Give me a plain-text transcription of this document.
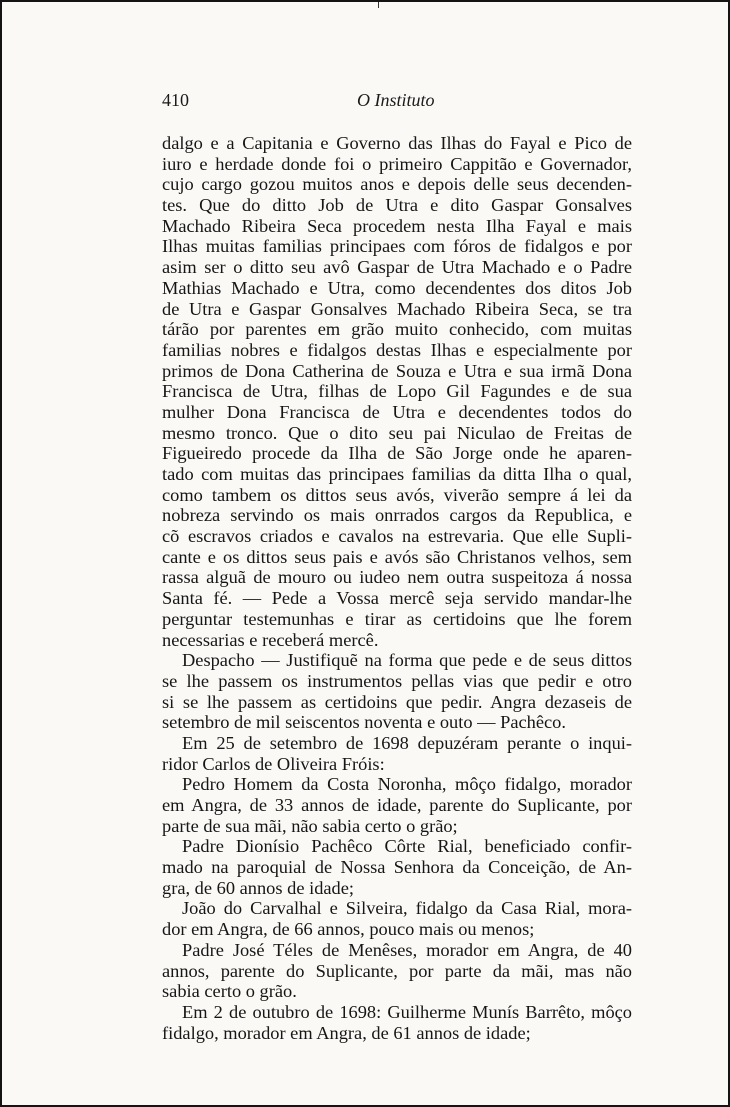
410	O Instituto
dalgo e a Capitania e Governo das Ilhas do Fayal e Pico de
iuro e herdade donde foi o primeiro Cappitão e Governador,
cujo cargo gozou muitos anos e depois delle seus decenden-
tes. Que do ditto Job de Utra e dito Gaspar Gonsalves
Machado Ribeira Seca procedem nesta Ilha Fayal e mais
Ilhas muitas familias principaes com fóros de fidalgos e por
asim ser o ditto seu avô Gaspar de Utra Machado e o Padre
Mathias Machado e Utra, como decendentes dos ditos Job
de Utra e Gaspar Gonsalves Machado Ribeira Seca, se tra
tárão por parentes em grão muito conhecido, com muitas
familias nobres e fidalgos destas Ilhas e especialmente por
primos de Dona Catherina de Souza e Utra e sua irmã Dona
Francisca de Utra, filhas de Lopo Gil Fagundes e de sua
mulher Dona Francisca de Utra e decendentes todos do
mesmo tronco. Que o dito seu pai Niculao de Freitas de
Figueiredo procede da Ilha de São Jorge onde he aparen-
tado com muitas das principaes familias da ditta Ilha o qual,
como tambem os dittos seus avós, viverão sempre á lei da
nobreza servindo os mais onrrados cargos da Republica, e
cõ escravos criados e cavalos na estrevaria. Que elle Supli-
cante e os dittos seus pais e avós são Christanos velhos, sem
rassa alguã de mouro ou iudeo nem outra suspeitoza á nossa
Santa fé. — Pede a Vossa mercê seja servido mandar-lhe
perguntar testemunhas e tirar as certidoins que lhe forem
necessarias e receberá mercê.
Despacho — Justifiquẽ na forma que pede e de seus dittos
se lhe passem os instrumentos pellas vias que pedir e otro
si se lhe passem as certidoins que pedir. Angra dezaseis de
setembro de mil seiscentos noventa e outo — Pachêco.
Em 25 de setembro de 1698 depuzéram perante o inqui-
ridor Carlos de Oliveira Fróis:
Pedro Homem da Costa Noronha, môço fidalgo, morador
em Angra, de 33 annos de idade, parente do Suplicante, por
parte de sua mãi, não sabia certo o grão;
Padre Dionísio Pachêco Côrte Rial, beneficiado confir-
mado na paroquial de Nossa Senhora da Conceição, de An-
gra, de 60 annos de idade;
João do Carvalhal e Silveira, fidalgo da Casa Rial, mora-
dor em Angra, de 66 annos, pouco mais ou menos;
Padre José Téles de Menêses, morador em Angra, de 40
annos, parente do Suplicante, por parte da mãi, mas não
sabia certo o grão.
Em 2 de outubro de 1698: Guilherme Munís Barrêto, môço
fidalgo, morador em Angra, de 61 annos de idade;
